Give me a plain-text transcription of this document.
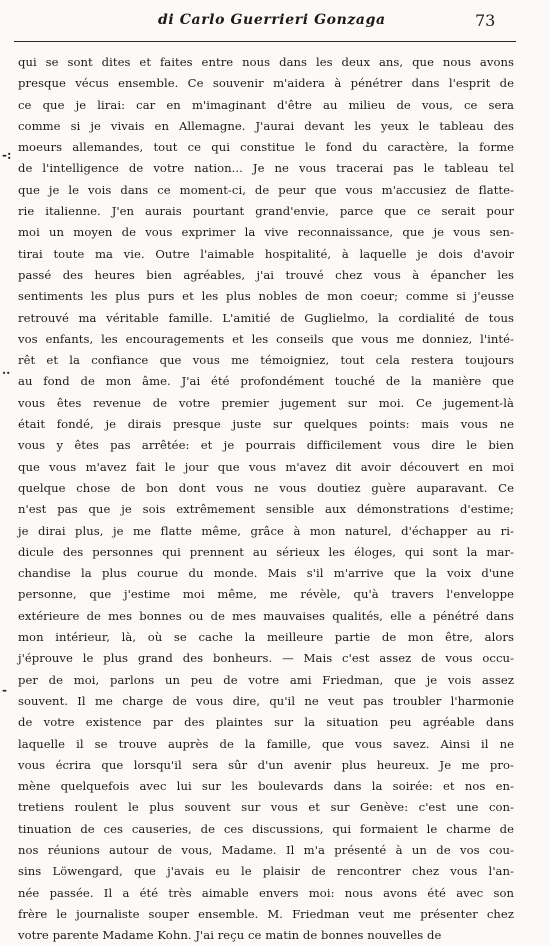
di Carlo Guerrieri Gonzaga	73
-:
..
-
qui se sont dites et faites entre nous dans les deux ans, que nous avons
presque vécus ensemble. Ce souvenir m'aidera à pénétrer dans l'esprit de
ce que je lirai: car en m'imaginant d'être au milieu de vous, ce sera
comme si je vivais en Allemagne. J'aurai devant les yeux le tableau des
moeurs allemandes, tout ce qui constitue le fond du caractère, la forme
de l'intelligence de votre nation... Je ne vous tracerai pas le tableau tel
que je le vois dans ce moment-ci, de peur que vous m'accusiez de flatte-
rie italienne. J'en aurais pourtant grand'envie, parce que ce serait pour
moi un moyen de vous exprimer la vive reconnaissance, que je vous sen-
tirai toute ma vie. Outre l'aimable hospitalité, à laquelle je dois d'avoir
passé des heures bien agréables, j'ai trouvé chez vous à épancher les
sentiments les plus purs et les plus nobles de mon coeur; comme si j'eusse
retrouvé ma véritable famille. L'amitié de Guglielmo, la cordialité de tous
vos enfants, les encouragements et les conseils que vous me donniez, l'inté-
rêt et la confiance que vous me témoigniez, tout cela restera toujours
au fond de mon âme. J'ai été profondément touché de la manière que
vous êtes revenue de votre premier jugement sur moi. Ce jugement-là
était fondé, je dirais presque juste sur quelques points: mais vous ne
vous y êtes pas arrêtée: et je pourrais difficilement vous dire le bien
que vous m'avez fait le jour que vous m'avez dit avoir découvert en moi
quelque chose de bon dont vous ne vous doutiez guère auparavant. Ce
n'est pas que je sois extrêmement sensible aux démonstrations d'estime;
je dirai plus, je me flatte même, grâce à mon naturel, d'échapper au ri-
dicule des personnes qui prennent au sérieux les éloges, qui sont la mar-
chandise la plus courue du monde. Mais s'il m'arrive que la voix d'une
personne, que j'estime moi même, me révèle, qu'à travers l'enveloppe
extérieure de mes bonnes ou de mes mauvaises qualités, elle a pénétré dans
mon intérieur, là, où se cache la meilleure partie de mon être, alors
j'éprouve le plus grand des bonheurs. — Mais c'est assez de vous occu-
per de moi, parlons un peu de votre ami Friedman, que je vois assez
souvent. Il me charge de vous dire, qu'il ne veut pas troubler l'harmonie
de votre existence par des plaintes sur la situation peu agréable dans
laquelle il se trouve auprès de la famille, que vous savez. Ainsi il ne
vous écrira que lorsqu'il sera sûr d'un avenir plus heureux. Je me pro-
mène quelquefois avec lui sur les boulevards dans la soirée: et nos en-
tretiens roulent le plus souvent sur vous et sur Genève: c'est une con-
tinuation de ces causeries, de ces discussions, qui formaient le charme de
nos réunions autour de vous, Madame. Il m'a présenté à un de vos cou-
sins Löwengard, que j'avais eu le plaisir de rencontrer chez vous l'an-
née passée. Il a été très aimable envers moi: nous avons été avec son
frère le journaliste souper ensemble. M. Friedman veut me présenter chez
votre parente Madame Kohn. J'ai reçu ce matin de bonnes nouvelles de
